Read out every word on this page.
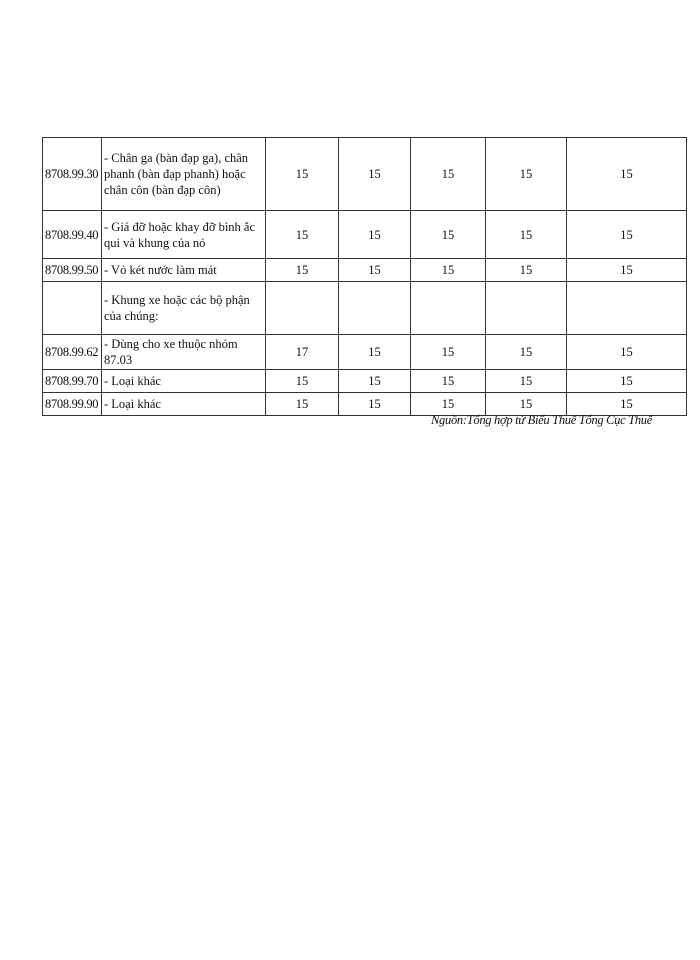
8708.99.30	- Chân ga (bàn đạp ga), chân phanh (bàn đạp phanh) hoặc chân côn (bàn đạp côn)	15	15	15	15	15
8708.99.40	- Giá đỡ hoặc khay đỡ bình ắc qui và khung của nó	15	15	15	15	15
8708.99.50	- Vỏ két nước làm mát	15	15	15	15	15
	- Khung xe hoặc các bộ phận của chúng:					
8708.99.62	- Dùng cho xe thuộc nhóm 87.03	17	15	15	15	15
8708.99.70	- Loại khác	15	15	15	15	15
8708.99.90	- Loại khác	15	15	15	15	15
Nguồn:Tổng hợp từ Biểu Thuế Tổng Cục Thuế
